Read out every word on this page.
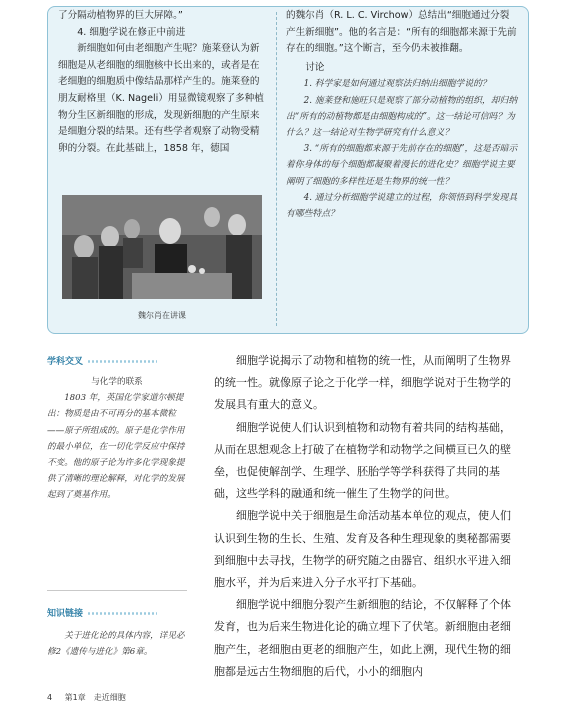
了分隔动植物界的巨大屏障。”

4. 细胞学说在修正中前进

新细胞如何由老细胞产生呢？施莱登认为新细胞是从老细胞的细胞核中长出来的，或者是在老细胞的细胞质中像结晶那样产生的。施莱登的朋友耐格里（K. Nageli）用显微镜观察了多种植物分生区新细胞的形成，发现新细胞的产生原来是细胞分裂的结果。还有些学者观察了动物受精卵的分裂。在此基础上，1858 年，德国

魏尔肖在讲课

的魏尔肖（R. L. C. Virchow）总结出“细胞通过分裂产生新细胞”。他的名言是：“所有的细胞都来源于先前存在的细胞。”这个断言，至今仍未被推翻。

讨论

1. 科学家是如何通过观察法归纳出细胞学说的？

2. 施莱登和施旺只是观察了部分动植物的组织，却归纳出“所有的动植物都是由细胞构成的”。这一结论可信吗？为什么？这一结论对生物学研究有什么意义？

3. “所有的细胞都来源于先前存在的细胞”，这是否暗示着你身体的每个细胞都凝聚着漫长的进化史？细胞学说主要阐明了细胞的多样性还是生物界的统一性？

4. 通过分析细胞学说建立的过程，你领悟到科学发现具有哪些特点？

学科交叉

与化学的联系

1803 年，英国化学家道尔顿提出：物质是由不可再分的基本微粒——原子所组成的。原子是化学作用的最小单位，在一切化学反应中保持不变。他的原子论为许多化学现象提供了清晰的理论解释，对化学的发展起到了奠基作用。

知识链接

关于进化论的具体内容，详见必修2《遗传与进化》第6章。

细胞学说揭示了动物和植物的统一性，从而阐明了生物界的统一性。就像原子论之于化学一样，细胞学说对于生物学的发展具有重大的意义。

细胞学说使人们认识到植物和动物有着共同的结构基础，从而在思想观念上打破了在植物学和动物学之间横亘已久的壁垒，也促使解剖学、生理学、胚胎学等学科获得了共同的基础，这些学科的融通和统一催生了生物学的问世。

细胞学说中关于细胞是生命活动基本单位的观点，使人们认识到生物的生长、生殖、发育及各种生理现象的奥秘都需要到细胞中去寻找，生物学的研究随之由器官、组织水平进入细胞水平，并为后来进入分子水平打下基础。

细胞学说中细胞分裂产生新细胞的结论，不仅解释了个体发育，也为后来生物进化论的确立埋下了伏笔。新细胞由老细胞产生，老细胞由更老的细胞产生，如此上溯，现代生物的细胞都是远古生物细胞的后代，小小的细胞内

4 第1章　走近细胞
